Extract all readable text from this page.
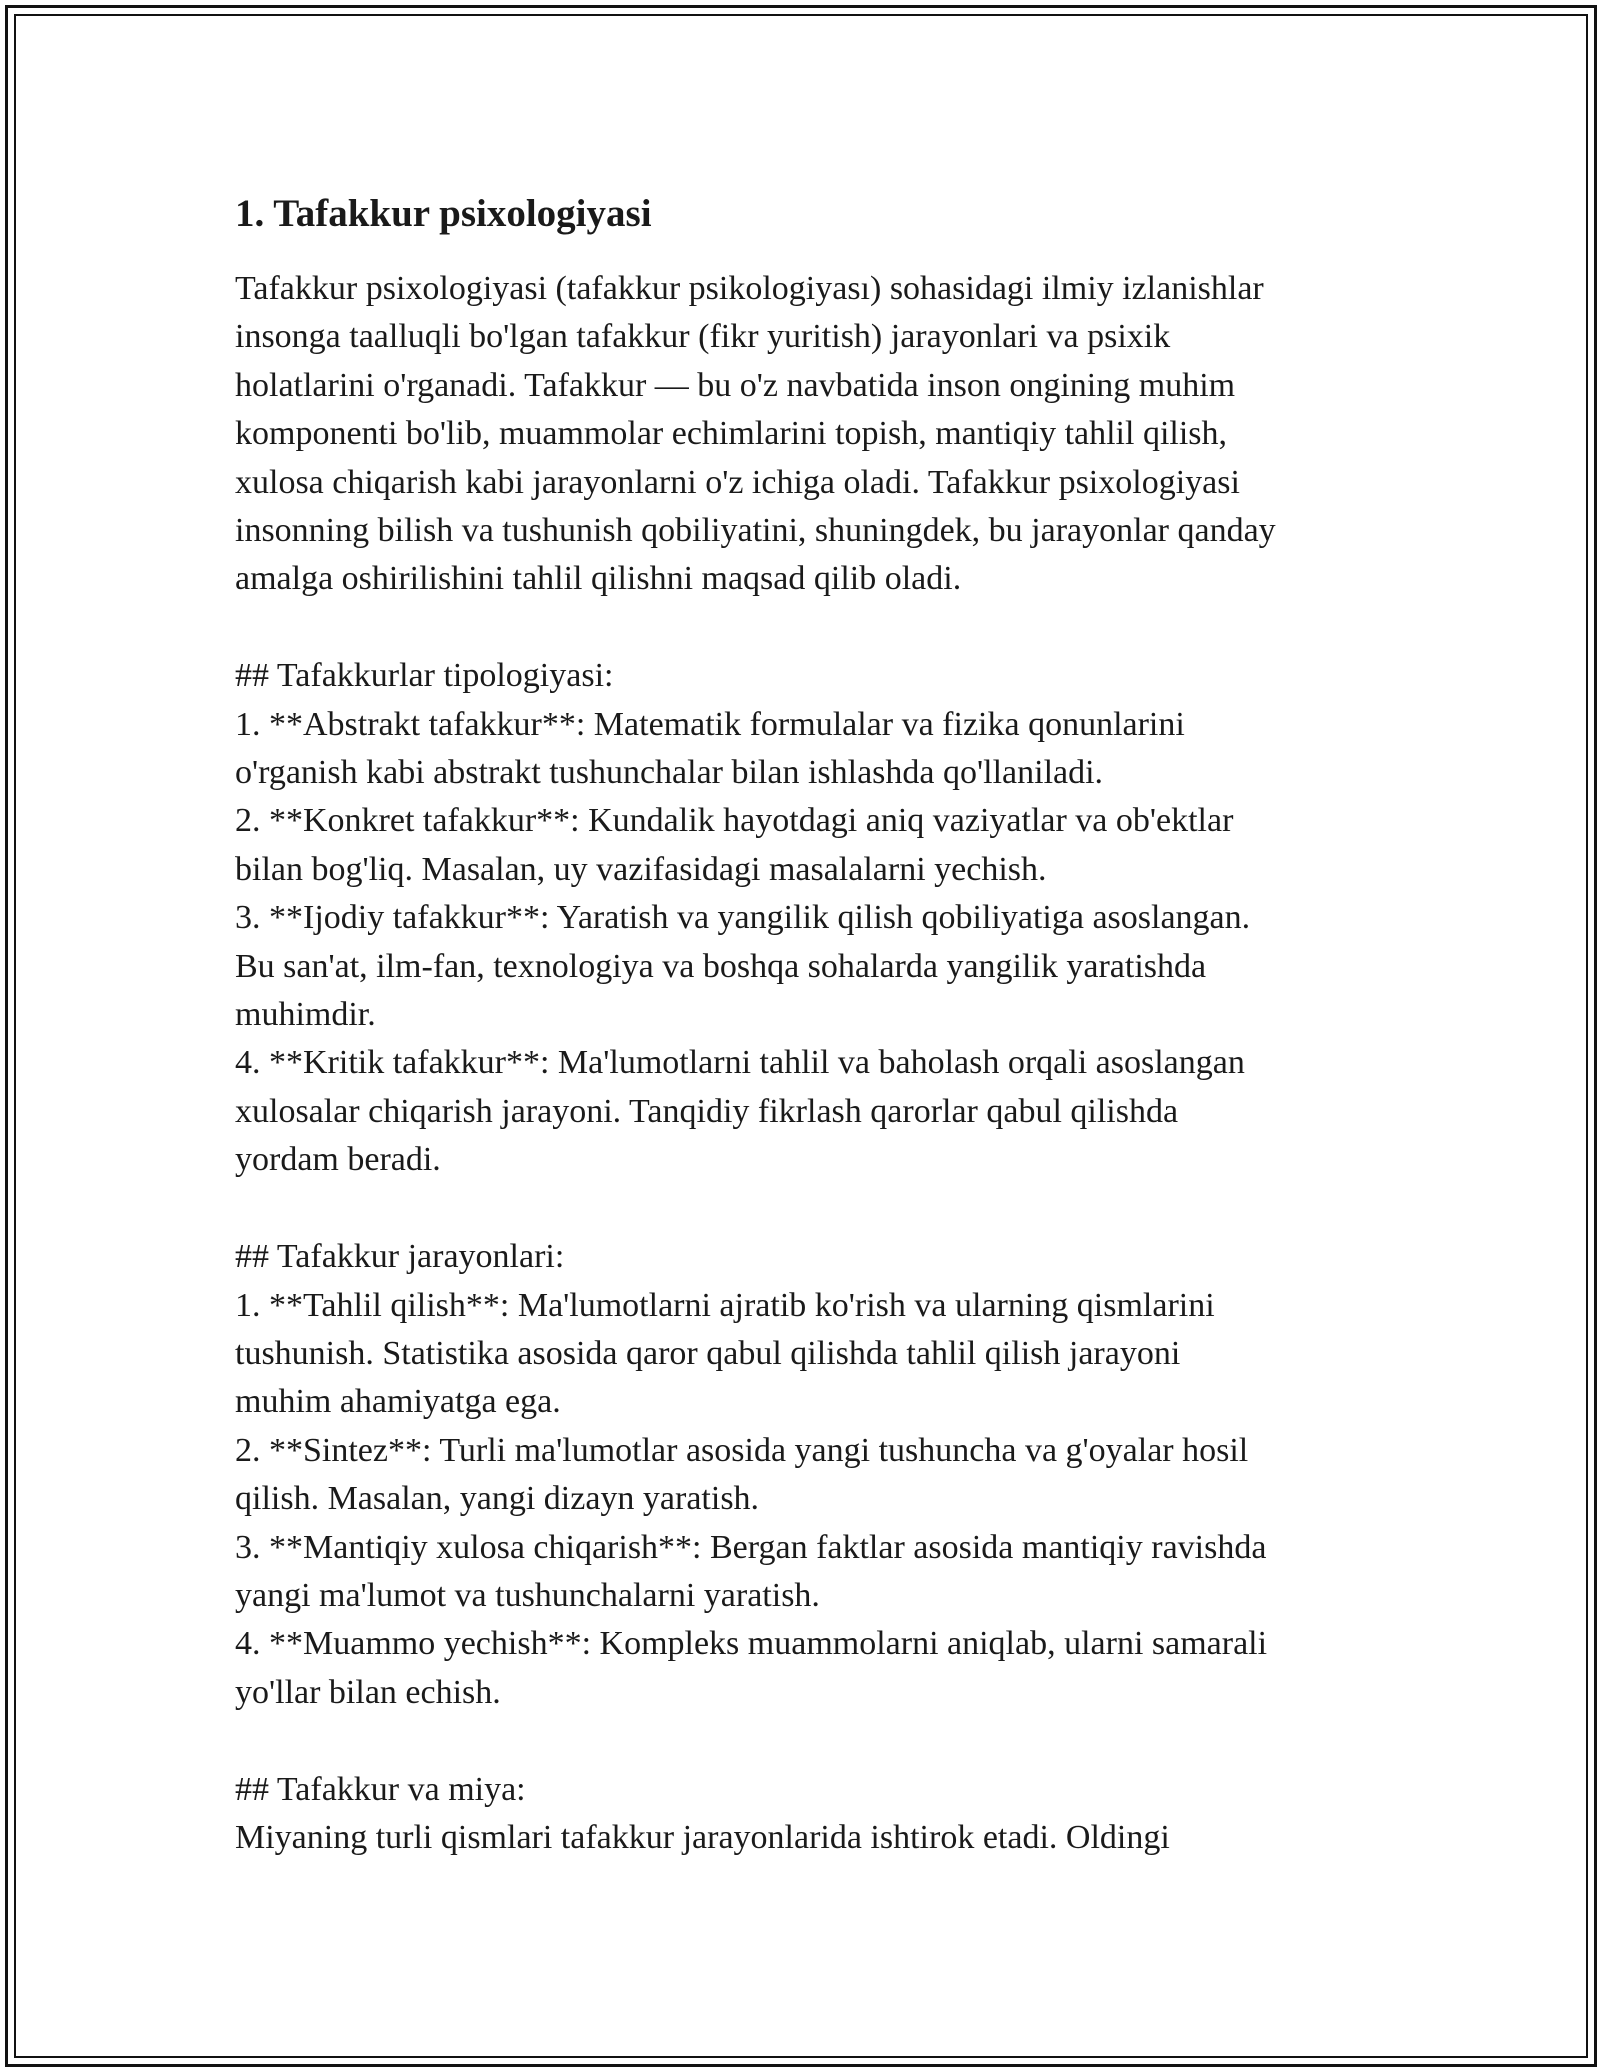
1. Tafakkur psixologiyasi

Tafakkur psixologiyasi (tafakkur psikologiyası) sohasidagi ilmiy izlanishlar
insonga taalluqli bo'lgan tafakkur (fikr yuritish) jarayonlari va psixik
holatlarini o'rganadi. Tafakkur — bu o'z navbatida inson ongining muhim
komponenti bo'lib, muammolar echimlarini topish, mantiqiy tahlil qilish,
xulosa chiqarish kabi jarayonlarni o'z ichiga oladi. Tafakkur psixologiyasi
insonning bilish va tushunish qobiliyatini, shuningdek, bu jarayonlar qanday
amalga oshirilishini tahlil qilishni maqsad qilib oladi.

## Tafakkurlar tipologiyasi:
1. **Abstrakt tafakkur**: Matematik formulalar va fizika qonunlarini
o'rganish kabi abstrakt tushunchalar bilan ishlashda qo'llaniladi.
2. **Konkret tafakkur**: Kundalik hayotdagi aniq vaziyatlar va ob'ektlar
bilan bog'liq. Masalan, uy vazifasidagi masalalarni yechish.
3. **Ijodiy tafakkur**: Yaratish va yangilik qilish qobiliyatiga asoslangan.
Bu san'at, ilm-fan, texnologiya va boshqa sohalarda yangilik yaratishda
muhimdir.
4. **Kritik tafakkur**: Ma'lumotlarni tahlil va baholash orqali asoslangan
xulosalar chiqarish jarayoni. Tanqidiy fikrlash qarorlar qabul qilishda
yordam beradi.

## Tafakkur jarayonlari:
1. **Tahlil qilish**: Ma'lumotlarni ajratib ko'rish va ularning qismlarini
tushunish. Statistika asosida qaror qabul qilishda tahlil qilish jarayoni
muhim ahamiyatga ega.
2. **Sintez**: Turli ma'lumotlar asosida yangi tushuncha va g'oyalar hosil
qilish. Masalan, yangi dizayn yaratish.
3. **Mantiqiy xulosa chiqarish**: Bergan faktlar asosida mantiqiy ravishda
yangi ma'lumot va tushunchalarni yaratish.
4. **Muammo yechish**: Kompleks muammolarni aniqlab, ularni samarali
yo'llar bilan echish.

## Tafakkur va miya:
Miyaning turli qismlari tafakkur jarayonlarida ishtirok etadi. Oldingi
